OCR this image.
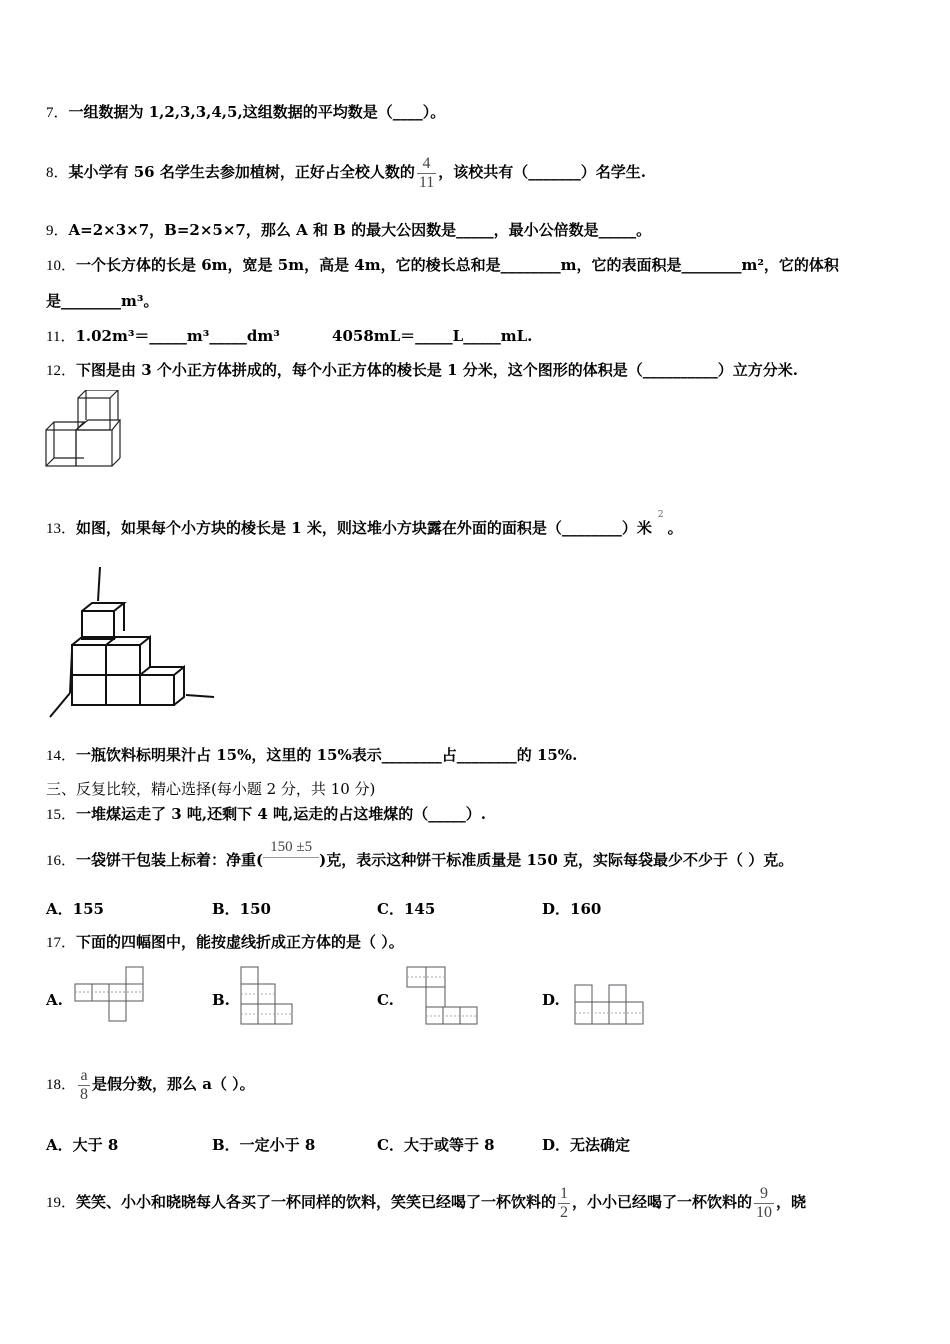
7．一组数据为 1,2,3,3,4,5,这组数据的平均数是（____）。
8．某小学有 56 名学生去参加植树，正好占全校人数的 $\frac{4}{11}$ ，该校共有（_______）名学生.
9．A=2×3×7，B=2×5×7，那么 A 和 B 的最大公因数是_____，最小公倍数是_____。
10．一个长方体的长是 6m，宽是 5m，高是 4m，它的棱长总和是________m，它的表面积是________m²，它的体积
是________m³。
11．1.02m³＝_____m³_____dm³          4058mL＝_____L_____mL.
12．下图是由 3 个小正方体拼成的，每个小正方体的棱长是 1 分米，这个图形的体积是（__________）立方分米.
13．如图，如果每个小方块的棱长是 1 米，则这堆小方块露在外面的面积是（________）米$^2$。
14．一瓶饮料标明果汁占 15%，这里的 15%表示________占________的 15%.
三、反复比较，精心选择(每小题 2 分，共 10 分)
15．一堆煤运走了 3 吨,还剩下 4 吨,运走的占这堆煤的（_____）.
16．一袋饼干包装上标着：净重(150 ±5)克，表示这种饼干标准质量是 150 克，实际每袋最少不少于（ ）克。
A．155	B．150	C．145	D．160
17．下面的四幅图中，能按虚线折成正方体的是（ ）。
A.	B.	C.	D.
18． $\frac{a}{8}$ 是假分数，那么 a（ ）。
A．大于 8	B．一定小于 8	C．大于或等于 8	D．无法确定
19．笑笑、小小和晓晓每人各买了一杯同样的饮料，笑笑已经喝了一杯饮料的 $\frac{1}{2}$ ，小小已经喝了一杯饮料的 $\frac{9}{10}$ ，晓
